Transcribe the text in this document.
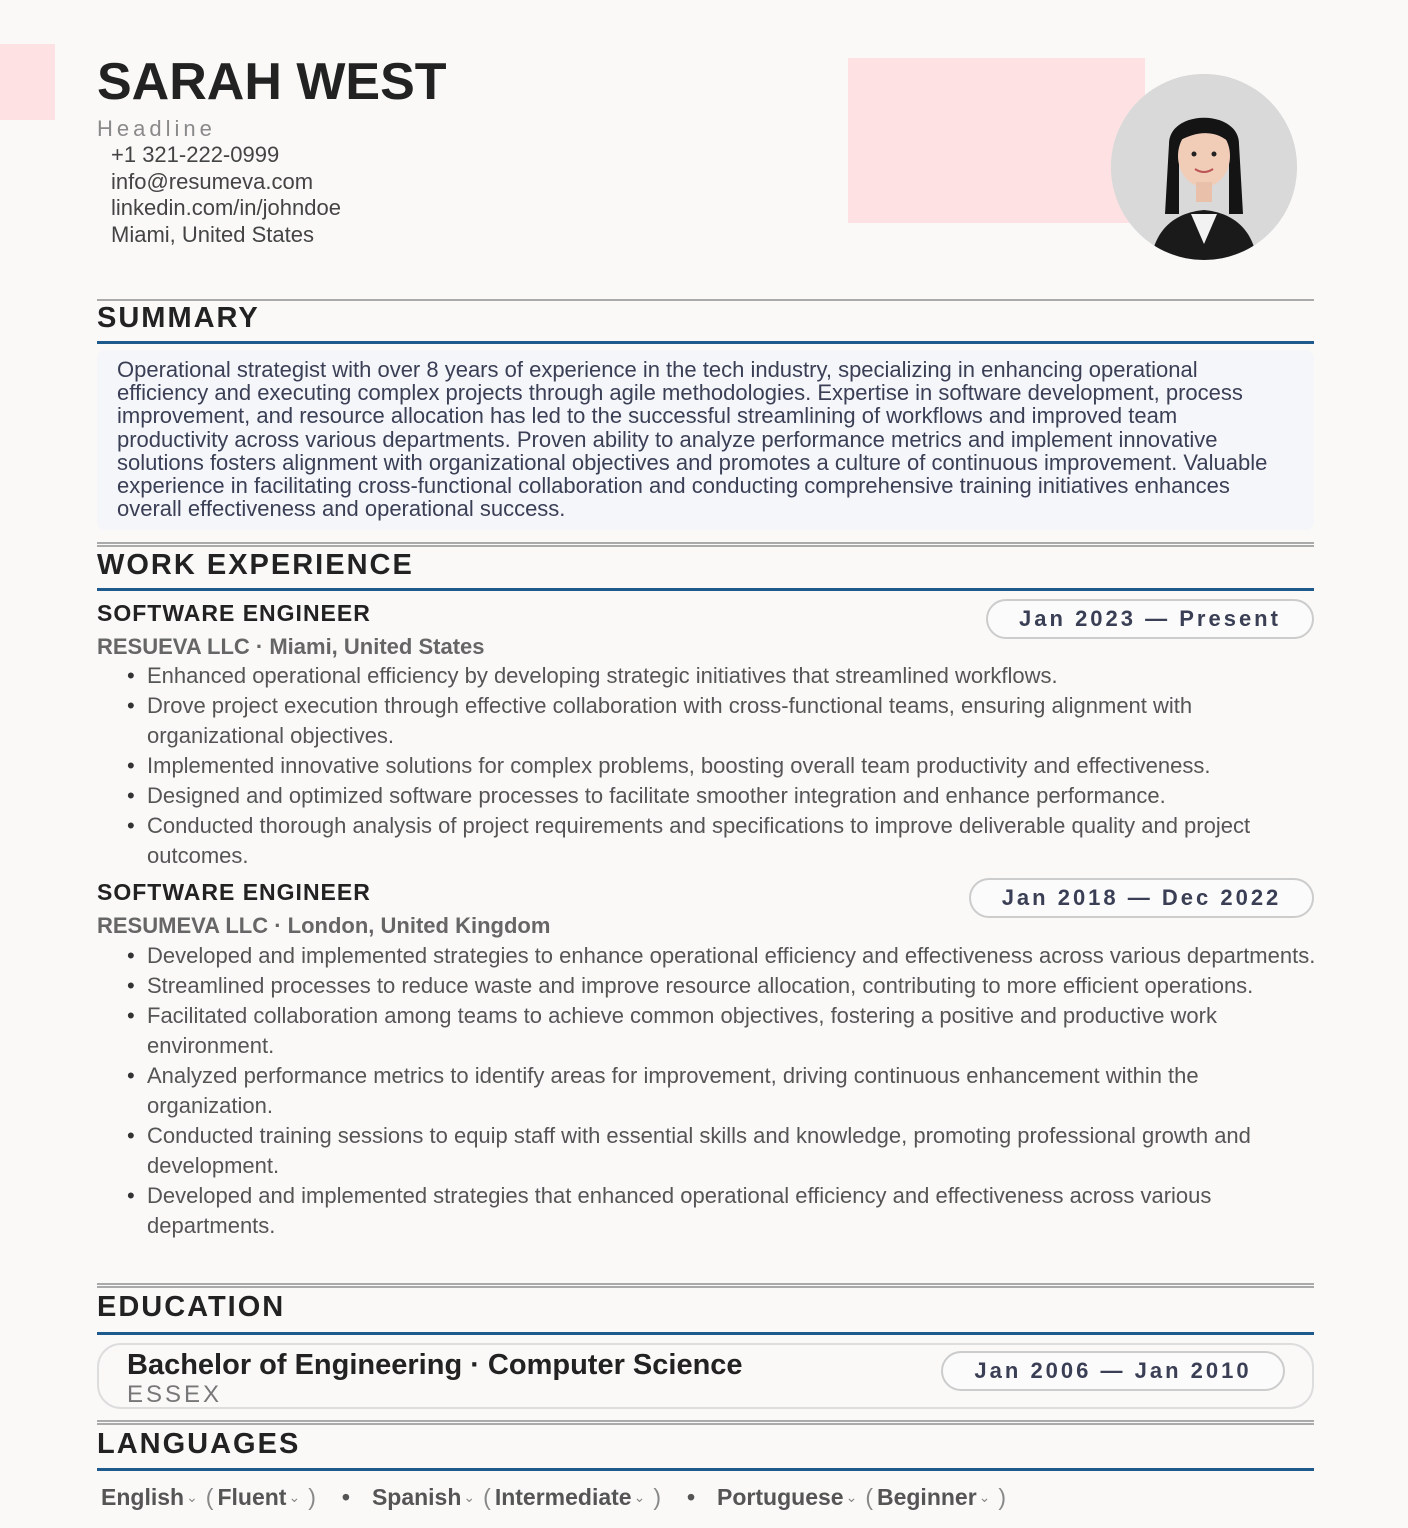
SARAH WEST
Headline
+1 321-222-0999
info@resumeva.com
linkedin.com/in/johndoe
Miami, United States
SUMMARY
Operational strategist with over 8 years of experience in the tech industry, specializing in enhancing operational efficiency and executing complex projects through agile methodologies. Expertise in software development, process improvement, and resource allocation has led to the successful streamlining of workflows and improved team productivity across various departments. Proven ability to analyze performance metrics and implement innovative solutions fosters alignment with organizational objectives and promotes a culture of continuous improvement. Valuable experience in facilitating cross-functional collaboration and conducting comprehensive training initiatives enhances overall effectiveness and operational success.
WORK EXPERIENCE
SOFTWARE ENGINEER	Jan 2023 — Present
RESUEVA LLC · Miami, United States
• Enhanced operational efficiency by developing strategic initiatives that streamlined workflows.
• Drove project execution through effective collaboration with cross-functional teams, ensuring alignment with organizational objectives.
• Implemented innovative solutions for complex problems, boosting overall team productivity and effectiveness.
• Designed and optimized software processes to facilitate smoother integration and enhance performance.
• Conducted thorough analysis of project requirements and specifications to improve deliverable quality and project outcomes.
SOFTWARE ENGINEER	Jan 2018 — Dec 2022
RESUMEVA LLC · London, United Kingdom
• Developed and implemented strategies to enhance operational efficiency and effectiveness across various departments.
• Streamlined processes to reduce waste and improve resource allocation, contributing to more efficient operations.
• Facilitated collaboration among teams to achieve common objectives, fostering a positive and productive work environment.
• Analyzed performance metrics to identify areas for improvement, driving continuous enhancement within the organization.
• Conducted training sessions to equip staff with essential skills and knowledge, promoting professional growth and development.
• Developed and implemented strategies that enhanced operational efficiency and effectiveness across various departments.
EDUCATION
Bachelor of Engineering · Computer Science
ESSEX
Jan 2006 — Jan 2010
LANGUAGES
English ⌄ ( Fluent ⌄ ) • Spanish ⌄ ( Intermediate ⌄ ) • Portuguese ⌄ ( Beginner ⌄ )
